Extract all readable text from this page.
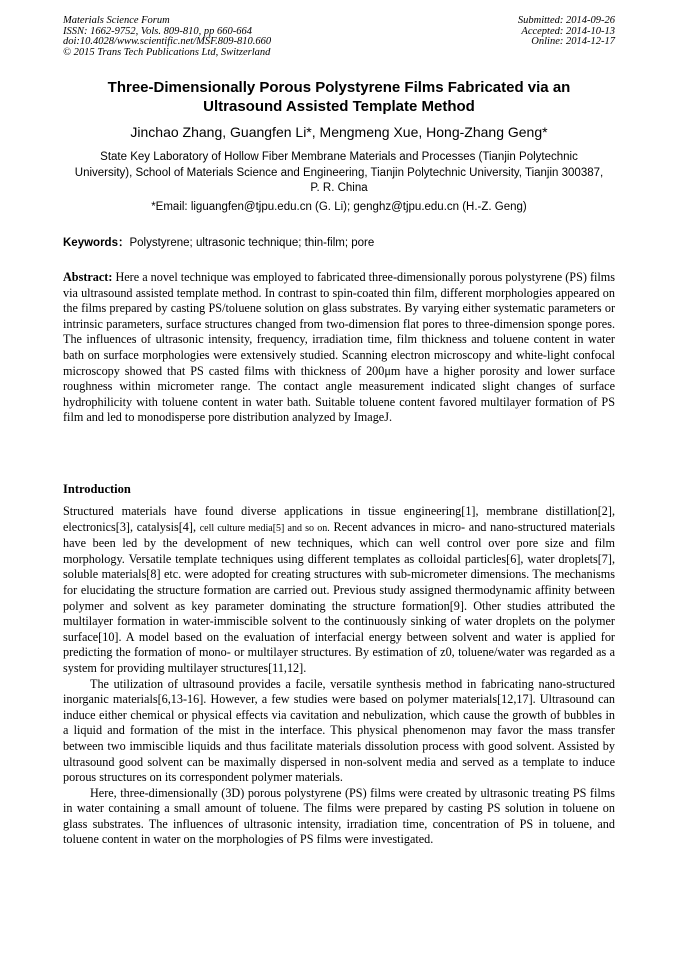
Materials Science Forum
ISSN: 1662-9752, Vols. 809-810, pp 660-664
doi:10.4028/www.scientific.net/MSF.809-810.660
© 2015 Trans Tech Publications Ltd, Switzerland
Submitted: 2014-09-26
Accepted: 2014-10-13
Online: 2014-12-17
Three-Dimensionally Porous Polystyrene Films Fabricated via an
Ultrasound Assisted Template Method
Jinchao Zhang, Guangfen Li*, Mengmeng Xue, Hong-Zhang Geng*
State Key Laboratory of Hollow Fiber Membrane Materials and Processes (Tianjin Polytechnic University), School of Materials Science and Engineering, Tianjin Polytechnic University, Tianjin 300387, P. R. China
*Email: liguangfen@tjpu.edu.cn (G. Li); genghz@tjpu.edu.cn (H.-Z. Geng)
Keywords：Polystyrene; ultrasonic technique; thin-film; pore
Abstract: Here a novel technique was employed to fabricated three-dimensionally porous polystyrene (PS) films via ultrasound assisted template method. In contrast to spin-coated thin film, different morphologies appeared on the films prepared by casting PS/toluene solution on glass substrates. By varying either systematic parameters or intrinsic parameters, surface structures changed from two-dimension flat pores to three-dimension sponge pores. The influences of ultrasonic intensity, frequency, irradiation time, film thickness and toluene content in water bath on surface morphologies were extensively studied. Scanning electron microscopy and white-light confocal microscopy showed that PS casted films with thickness of 200μm have a higher porosity and lower surface roughness within micrometer range. The contact angle measurement indicated slight changes of surface hydrophilicity with toluene content in water bath. Suitable toluene content favored multilayer formation of PS film and led to monodisperse pore distribution analyzed by ImageJ.
Introduction

Structured materials have found diverse applications in tissue engineering[1], membrane distillation[2], electronics[3], catalysis[4], cell culture media[5] and so on. Recent advances in micro- and nano-structured materials have been led by the development of new techniques, which can well control over pore size and film morphology. Versatile template techniques using different templates as colloidal particles[6], water droplets[7], soluble materials[8] etc. were adopted for creating structures with sub-micrometer dimensions. The mechanisms for elucidating the structure formation are carried out. Previous study assigned thermodynamic affinity between polymer and solvent as key parameter dominating the structure formation[9]. Other studies attributed the multilayer formation in water-immiscible solvent to the continuously sinking of water droplets on the polymer surface[10]. A model based on the evaluation of interfacial energy between solvent and water is applied for predicting the formation of mono- or multilayer structures. By estimation of z0, toluene/water was regarded as a system for providing multilayer structures[11,12].

The utilization of ultrasound provides a facile, versatile synthesis method in fabricating nano-structured inorganic materials[6,13-16]. However, a few studies were based on polymer materials[12,17]. Ultrasound can induce either chemical or physical effects via cavitation and nebulization, which cause the growth of bubbles in a liquid and formation of the mist in the interface. This physical phenomenon may favor the mass transfer between two immiscible liquids and thus facilitate materials dissolution process with good solvent. Assisted by ultrasound good solvent can be maximally dispersed in non-solvent media and served as a template to induce porous structures on its correspondent polymer materials.

Here, three-dimensionally (3D) porous polystyrene (PS) films were created by ultrasonic treating PS films in water containing a small amount of toluene. The films were prepared by casting PS solution in toluene on glass substrates. The influences of ultrasonic intensity, irradiation time, concentration of PS in toluene, and toluene content in water on the morphologies of PS films were investigated.
